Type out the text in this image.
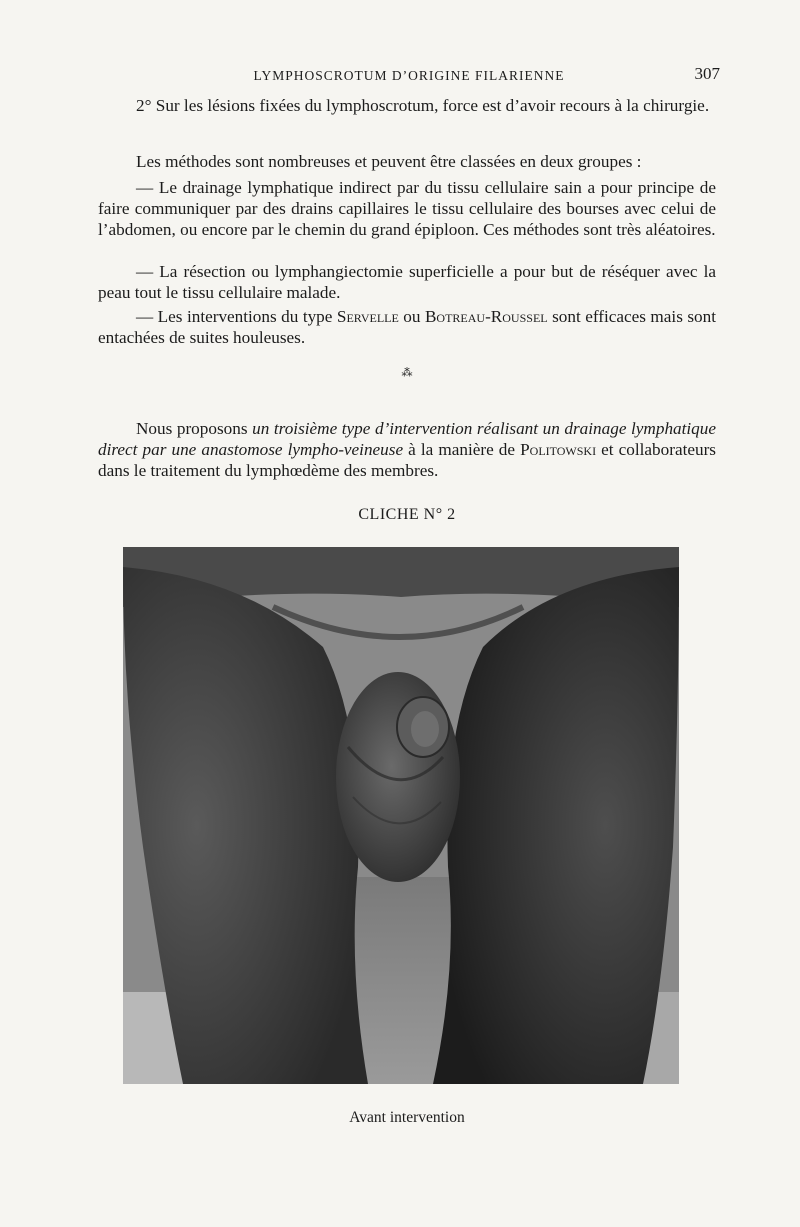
LYMPHOSCROTUM D’ORIGINE FILARIENNE	307

2° Sur les lésions fixées du lymphoscrotum, force est d’avoir recours à la chirurgie.

Les méthodes sont nombreuses et peuvent être classées en deux groupes :

— Le drainage lymphatique indirect par du tissu cellulaire sain a pour principe de faire communiquer par des drains capillaires le tissu cellulaire des bourses avec celui de l’abdomen, ou encore par le chemin du grand épiploon. Ces méthodes sont très aléatoires.

— La résection ou lymphangiectomie superficielle a pour but de réséquer avec la peau tout le tissu cellulaire malade.

— Les interventions du type Servelle ou Botreau-Roussel sont efficaces mais sont entachées de suites houleuses.

⁂

Nous proposons un troisième type d’intervention réalisant un drainage lymphatique direct par une anastomose lympho-veineuse à la manière de Politowski et collaborateurs dans le traitement du lymphœdème des membres.

CLICHE N° 2
Avant intervention
